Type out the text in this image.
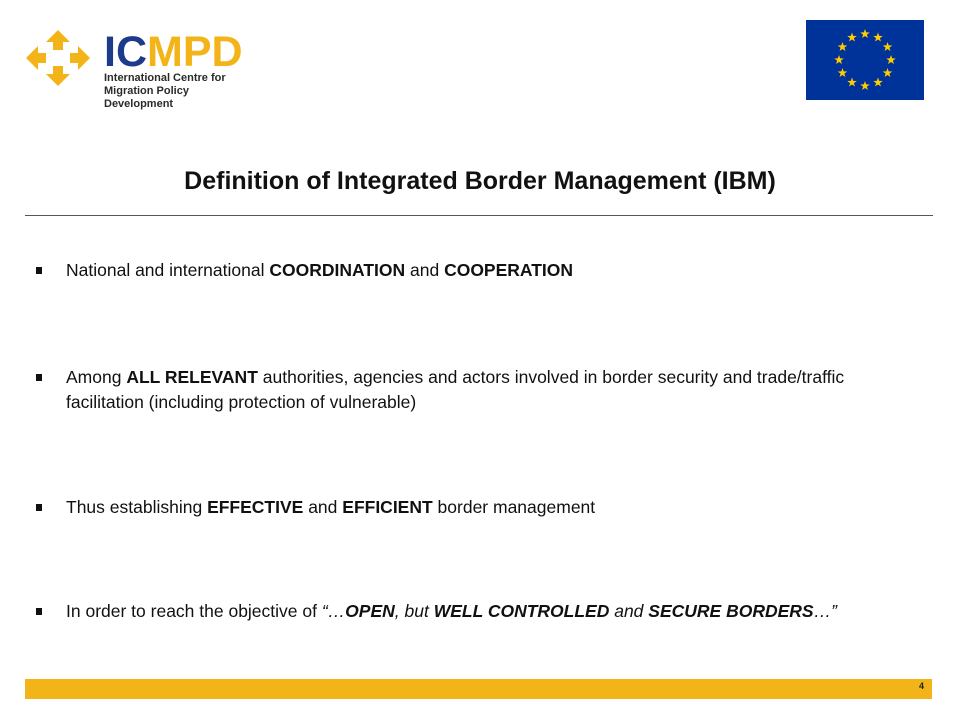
ICMPD

International Centre for
Migration Policy Development

Definition of Integrated Border Management (IBM)
National and international COORDINATION and COOPERATION
Among ALL RELEVANT authorities, agencies and actors involved in border security and trade/traffic facilitation (including protection of vulnerable)
Thus establishing EFFECTIVE and EFFICIENT border management
In order to reach the objective of “…OPEN, but WELL CONTROLLED and SECURE BORDERS…”
4
